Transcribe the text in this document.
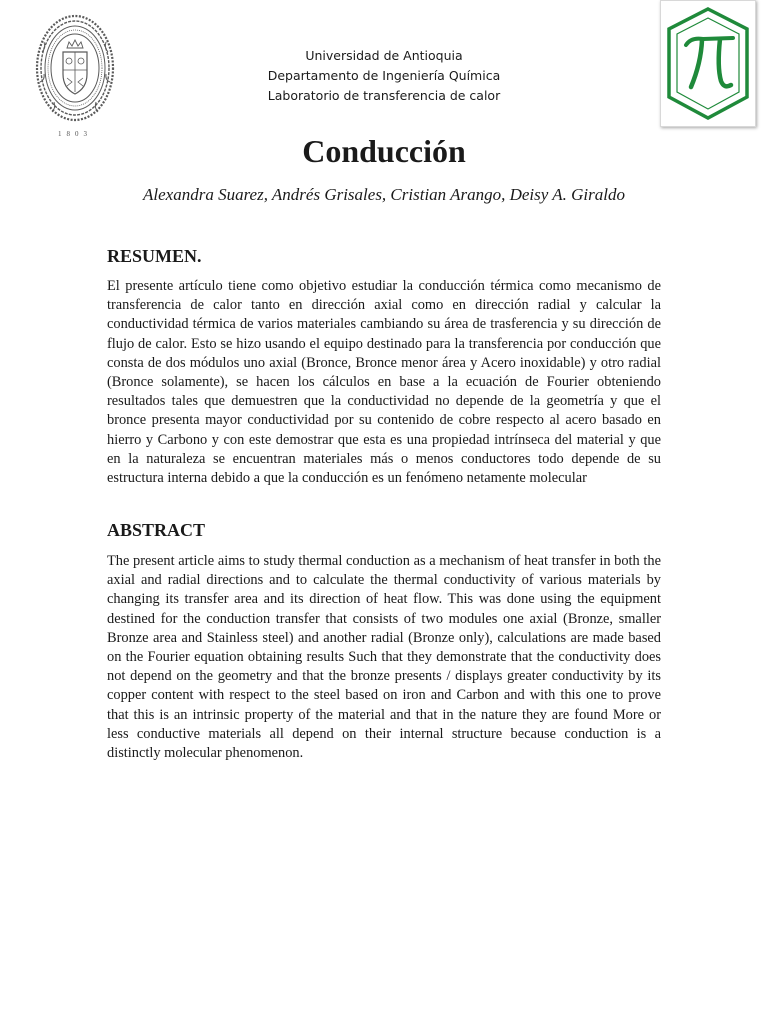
1803
Universidad de Antioquia
Departamento de Ingeniería Química
Laboratorio de transferencia de calor
Conducción
Alexandra Suarez, Andrés Grisales, Cristian Arango, Deisy A. Giraldo
RESUMEN.
El presente artículo tiene como objetivo estudiar la conducción térmica como mecanismo de transferencia de calor tanto en dirección axial como en dirección radial y calcular la conductividad térmica de varios materiales cambiando su área de trasferencia y su dirección de flujo de calor. Esto se hizo usando el equipo destinado para la transferencia por conducción que consta de dos módulos uno axial (Bronce, Bronce menor área y Acero inoxidable) y otro radial (Bronce solamente), se hacen los cálculos en base a la ecuación de Fourier obteniendo resultados tales que demuestren que la conductividad no depende de la geometría y que el bronce presenta mayor conductividad por su contenido de cobre respecto al acero basado en hierro y Carbono y con este demostrar que esta es una propiedad intrínseca del material y que en la naturaleza se encuentran materiales más o menos conductores todo depende de su estructura interna debido a que la conducción es un fenómeno netamente molecular
ABSTRACT
The present article aims to study thermal conduction as a mechanism of heat transfer in both the axial and radial directions and to calculate the thermal conductivity of various materials by changing its transfer area and its direction of heat flow. This was done using the equipment destined for the conduction transfer that consists of two modules one axial (Bronze, smaller Bronze area and Stainless steel) and another radial (Bronze only), calculations are made based on the Fourier equation obtaining results Such that they demonstrate that the conductivity does not depend on the geometry and that the bronze presents / displays greater conductivity by its copper content with respect to the steel based on iron and Carbon and with this one to prove that this is an intrinsic property of the material and that in the nature they are found More or less conductive materials all depend on their internal structure because conduction is a distinctly molecular phenomenon.
